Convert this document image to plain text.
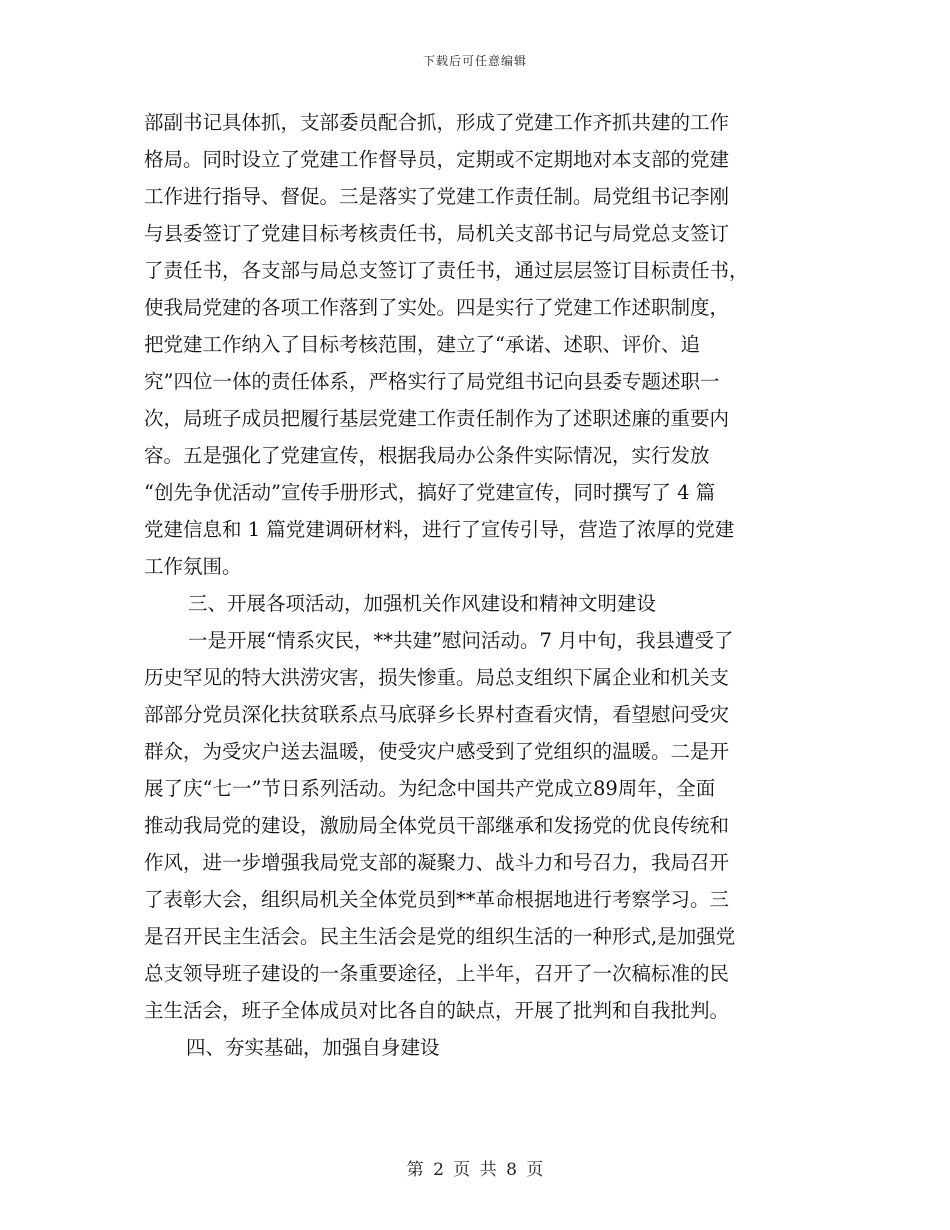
下载后可任意编辑
部副书记具体抓，支部委员配合抓，形成了党建工作齐抓共建的工作
格局。同时设立了党建工作督导员，定期或不定期地对本支部的党建
工作进行指导、督促。三是落实了党建工作责任制。局党组书记李刚
与县委签订了党建目标考核责任书，局机关支部书记与局党总支签订
了责任书，各支部与局总支签订了责任书，通过层层签订目标责任书，
使我局党建的各项工作落到了实处。四是实行了党建工作述职制度，
把党建工作纳入了目标考核范围，建立了“承诺、述职、评价、追
究”四位一体的责任体系，严格实行了局党组书记向县委专题述职一
次，局班子成员把履行基层党建工作责任制作为了述职述廉的重要内
容。五是强化了党建宣传，根据我局办公条件实际情况，实行发放
“创先争优活动”宣传手册形式，搞好了党建宣传，同时撰写了 4 篇
党建信息和 1 篇党建调研材料，进行了宣传引导，营造了浓厚的党建
工作氛围。
三、开展各项活动，加强机关作风建设和精神文明建设
一是开展“情系灾民，**共建”慰问活动。7 月中旬，我县遭受了
历史罕见的特大洪涝灾害，损失惨重。局总支组织下属企业和机关支
部部分党员深化扶贫联系点马底驿乡长界村查看灾情，看望慰问受灾
群众，为受灾户送去温暖，使受灾户感受到了党组织的温暖。二是开
展了庆“七一”节日系列活动。为纪念中国共产党成立89周年，全面
推动我局党的建设，激励局全体党员干部继承和发扬党的优良传统和
作风，进一步增强我局党支部的凝聚力、战斗力和号召力，我局召开
了表彰大会，组织局机关全体党员到**革命根据地进行考察学习。三
是召开民主生活会。民主生活会是党的组织生活的一种形式,是加强党
总支领导班子建设的一条重要途径，上半年，召开了一次稿标准的民
主生活会，班子全体成员对比各自的缺点，开展了批判和自我批判。
四、夯实基础，加强自身建设
第 2 页 共 8 页
